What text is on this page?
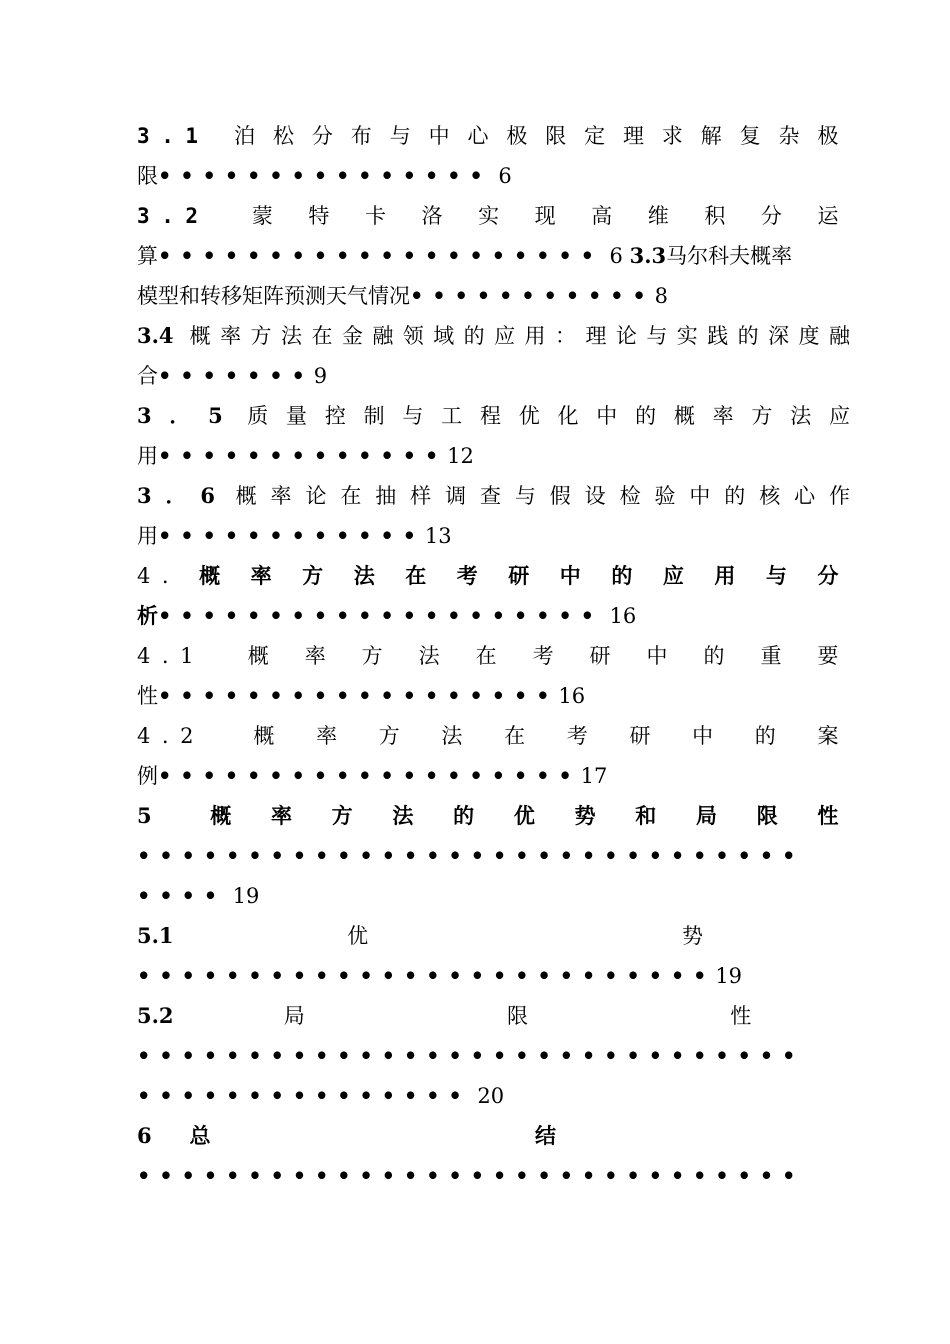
3.1 泊松分布与中心极限定理求解复杂极
限••••••••••••••• 6
3.2 蒙特卡洛实现高维积分运
算•••••••••••••••••••• 6 3.3马尔科夫概率
模型和转移矩阵预测天气情况•••••••••••8
3.4 概率方法在金融领域的应用：理论与实践的深度融
合•••••••9
3．5 质量控制与工程优化中的概率方法应
用•••••••••••••12
3．6 概率论在抽样调查与假设检验中的核心作
用••••••••••••13
4.概率方法在考研中的应用与分
析•••••••••••••••••••• 16
4.1 概率方法在考研中的重要
性••••••••••••••••••16
4.2 概率方法在考研中的案
例•••••••••••••••••••17
5 概率方法的优势和局限性
••••••••••••••••••••••••••••••
•••• 19
5.1	优势
••••••••••••••••••••••••••19
5.2	局限性
••••••••••••••••••••••••••••••
••••••••••••••• 20
6 总结
••••••••••••••••••••••••••••••
